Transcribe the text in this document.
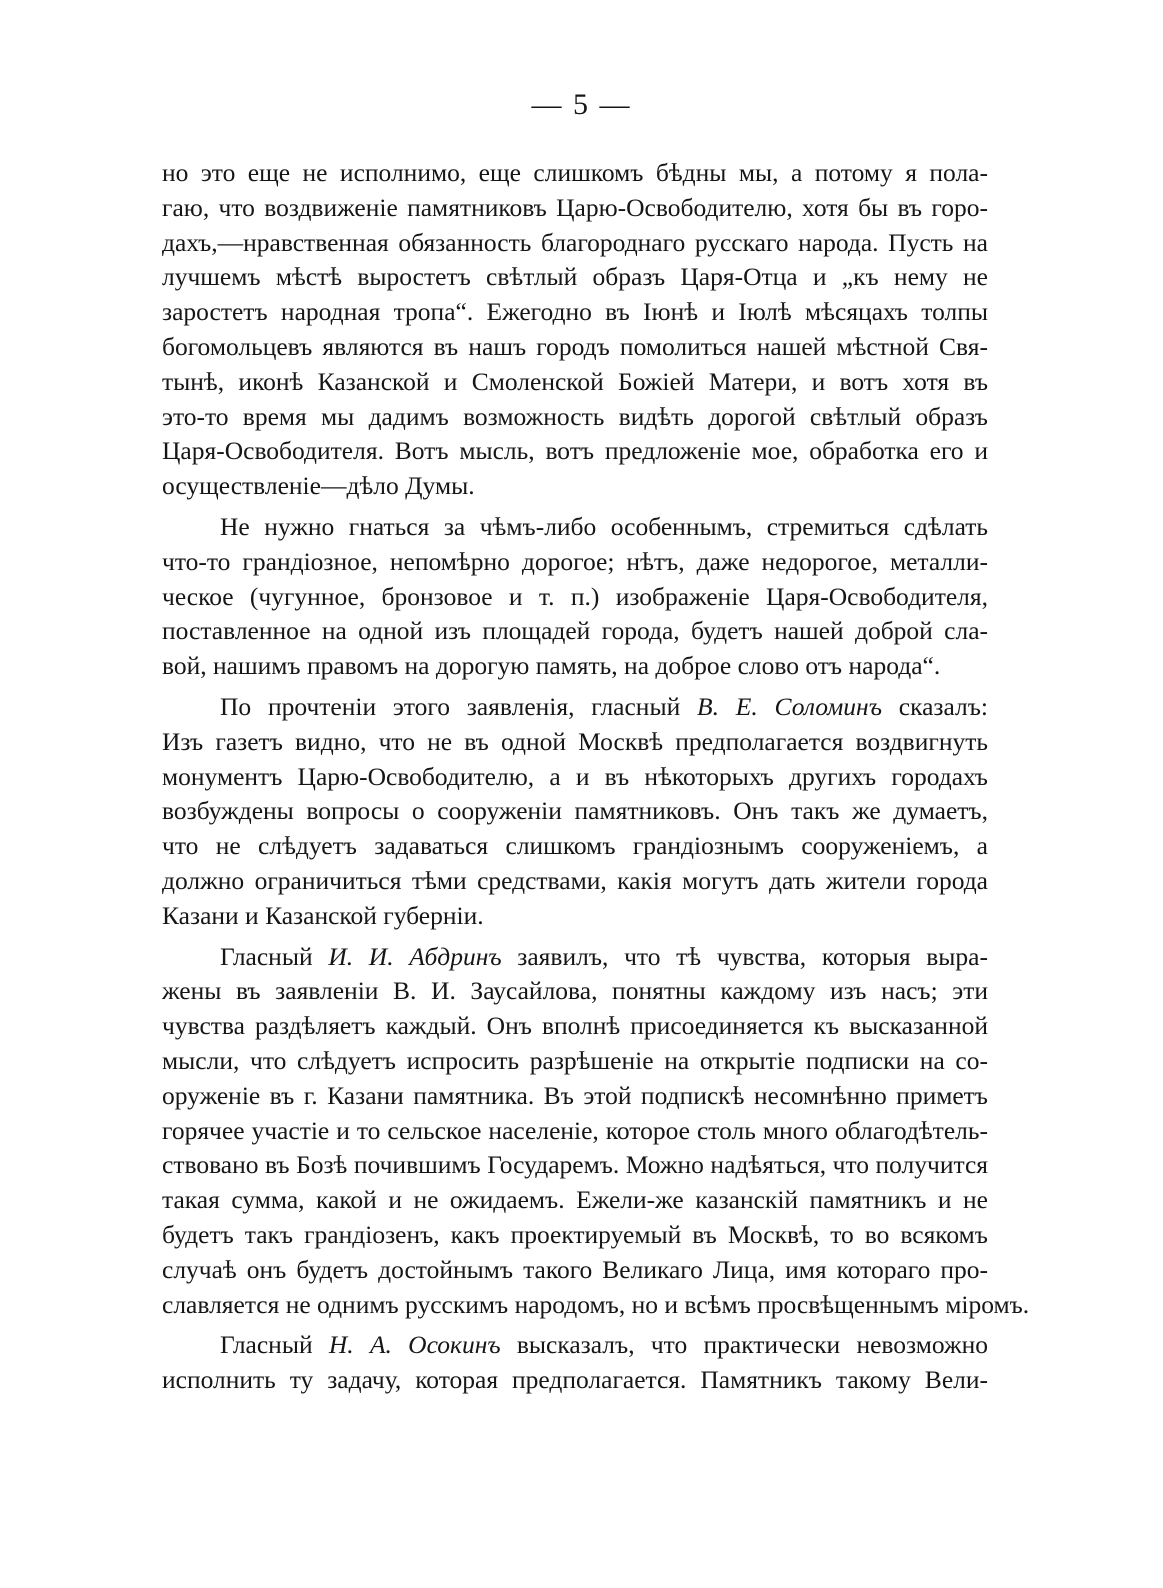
— 5 —
но это еще не исполнимо, еще слишкомъ бѣдны мы, а потому я пола-
гаю, что воздвиженіе памятниковъ Царю-Освободителю, хотя бы въ горо-
дахъ,—нравственная обязанность благороднаго русскаго народа. Пусть на
лучшемъ мѣстѣ выростетъ свѣтлый образъ Царя-Отца и „къ нему не
заростетъ народная тропа“. Ежегодно въ Іюнѣ и Іюлѣ мѣсяцахъ толпы
богомольцевъ являются въ нашъ городъ помолиться нашей мѣстной Свя-
тынѣ, иконѣ Казанской и Смоленской Божіей Матери, и вотъ хотя въ
это-то время мы дадимъ возможность видѣть дорогой свѣтлый образъ
Царя-Освободителя. Вотъ мысль, вотъ предложеніе мое, обработка его и
осуществленіе—дѣло Думы.
Не нужно гнаться за чѣмъ-либо особеннымъ, стремиться сдѣлать
что-то грандіозное, непомѣрно дорогое; нѣтъ, даже недорогое, металли-
ческое (чугунное, бронзовое и т. п.) изображеніе Царя-Освободителя,
поставленное на одной изъ площадей города, будетъ нашей доброй сла-
вой, нашимъ правомъ на дорогую память, на доброе слово отъ народа“.
По прочтеніи этого заявленія, гласный В. Е. Соломинъ сказалъ:
Изъ газетъ видно, что не въ одной Москвѣ предполагается воздвигнуть
монументъ Царю-Освободителю, а и въ нѣкоторыхъ другихъ городахъ
возбуждены вопросы о сооруженіи памятниковъ. Онъ такъ же думаетъ,
что не слѣдуетъ задаваться слишкомъ грандіознымъ сооруженіемъ, а
должно ограничиться тѣми средствами, какія могутъ дать жители города
Казани и Казанской губерніи.
Гласный И. И. Абдринъ заявилъ, что тѣ чувства, которыя выра-
жены въ заявленіи В. И. Заусайлова, понятны каждому изъ насъ; эти
чувства раздѣляетъ каждый. Онъ вполнѣ присоединяется къ высказанной
мысли, что слѣдуетъ испросить разрѣшеніе на открытіе подписки на со-
оруженіе въ г. Казани памятника. Въ этой подпискѣ несомнѣнно приметъ
горячее участіе и то сельское населеніе, которое столь много облагодѣтель-
ствовано въ Бозѣ почившимъ Государемъ. Можно надѣяться, что получится
такая сумма, какой и не ожидаемъ. Ежели-же казанскій памятникъ и не
будетъ такъ грандіозенъ, какъ проектируемый въ Москвѣ, то во всякомъ
случаѣ онъ будетъ достойнымъ такого Великаго Лица, имя котораго про-
славляется не однимъ русскимъ народомъ, но и всѣмъ просвѣщеннымъ міромъ.
Гласный Н. А. Осокинъ высказалъ, что практически невозможно
исполнить ту задачу, которая предполагается. Памятникъ такому Вели-
